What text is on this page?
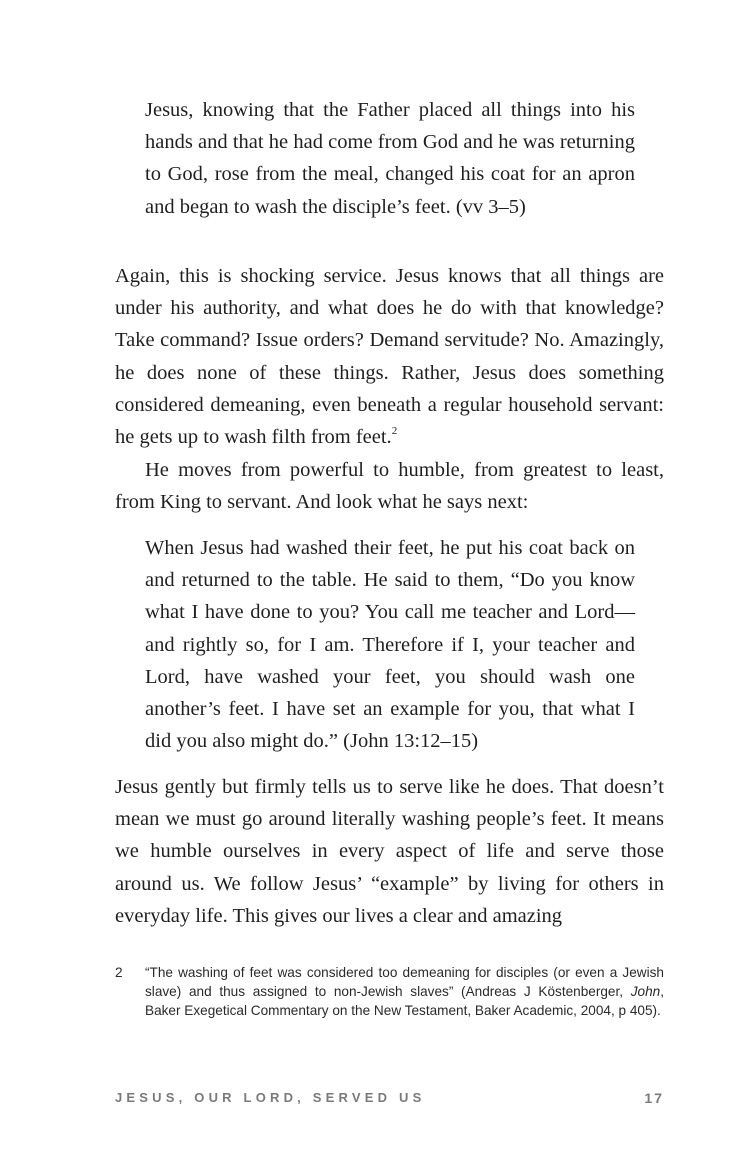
Jesus, knowing that the Father placed all things into his hands and that he had come from God and he was returning to God, rose from the meal, changed his coat for an apron and began to wash the disciple’s feet. (vv 3–5)

Again, this is shocking service. Jesus knows that all things are under his authority, and what does he do with that knowledge? Take command? Issue orders? Demand servitude? No. Amazingly, he does none of these things. Rather, Jesus does something considered demeaning, even beneath a regular household servant: he gets up to wash filth from feet.$^2$

He moves from powerful to humble, from greatest to least, from King to servant. And look what he says next:

When Jesus had washed their feet, he put his coat back on and returned to the table. He said to them, “Do you know what I have done to you? You call me teacher and Lord—and rightly so, for I am. Therefore if I, your teacher and Lord, have washed your feet, you should wash one another’s feet. I have set an example for you, that what I did you also might do.” (John 13:12–15)

Jesus gently but firmly tells us to serve like he does. That doesn’t mean we must go around literally washing people’s feet. It means we humble ourselves in every aspect of life and serve those around us. We follow Jesus’ “example” by living for others in everyday life. This gives our lives a clear and amazing

2 “The washing of feet was considered too demeaning for disciples (or even a Jewish slave) and thus assigned to non-Jewish slaves” (Andreas J Köstenberger, John, Baker Exegetical Commentary on the New Testament, Baker Academic, 2004, p 405).
JESUS, OUR LORD, SERVED US	17
